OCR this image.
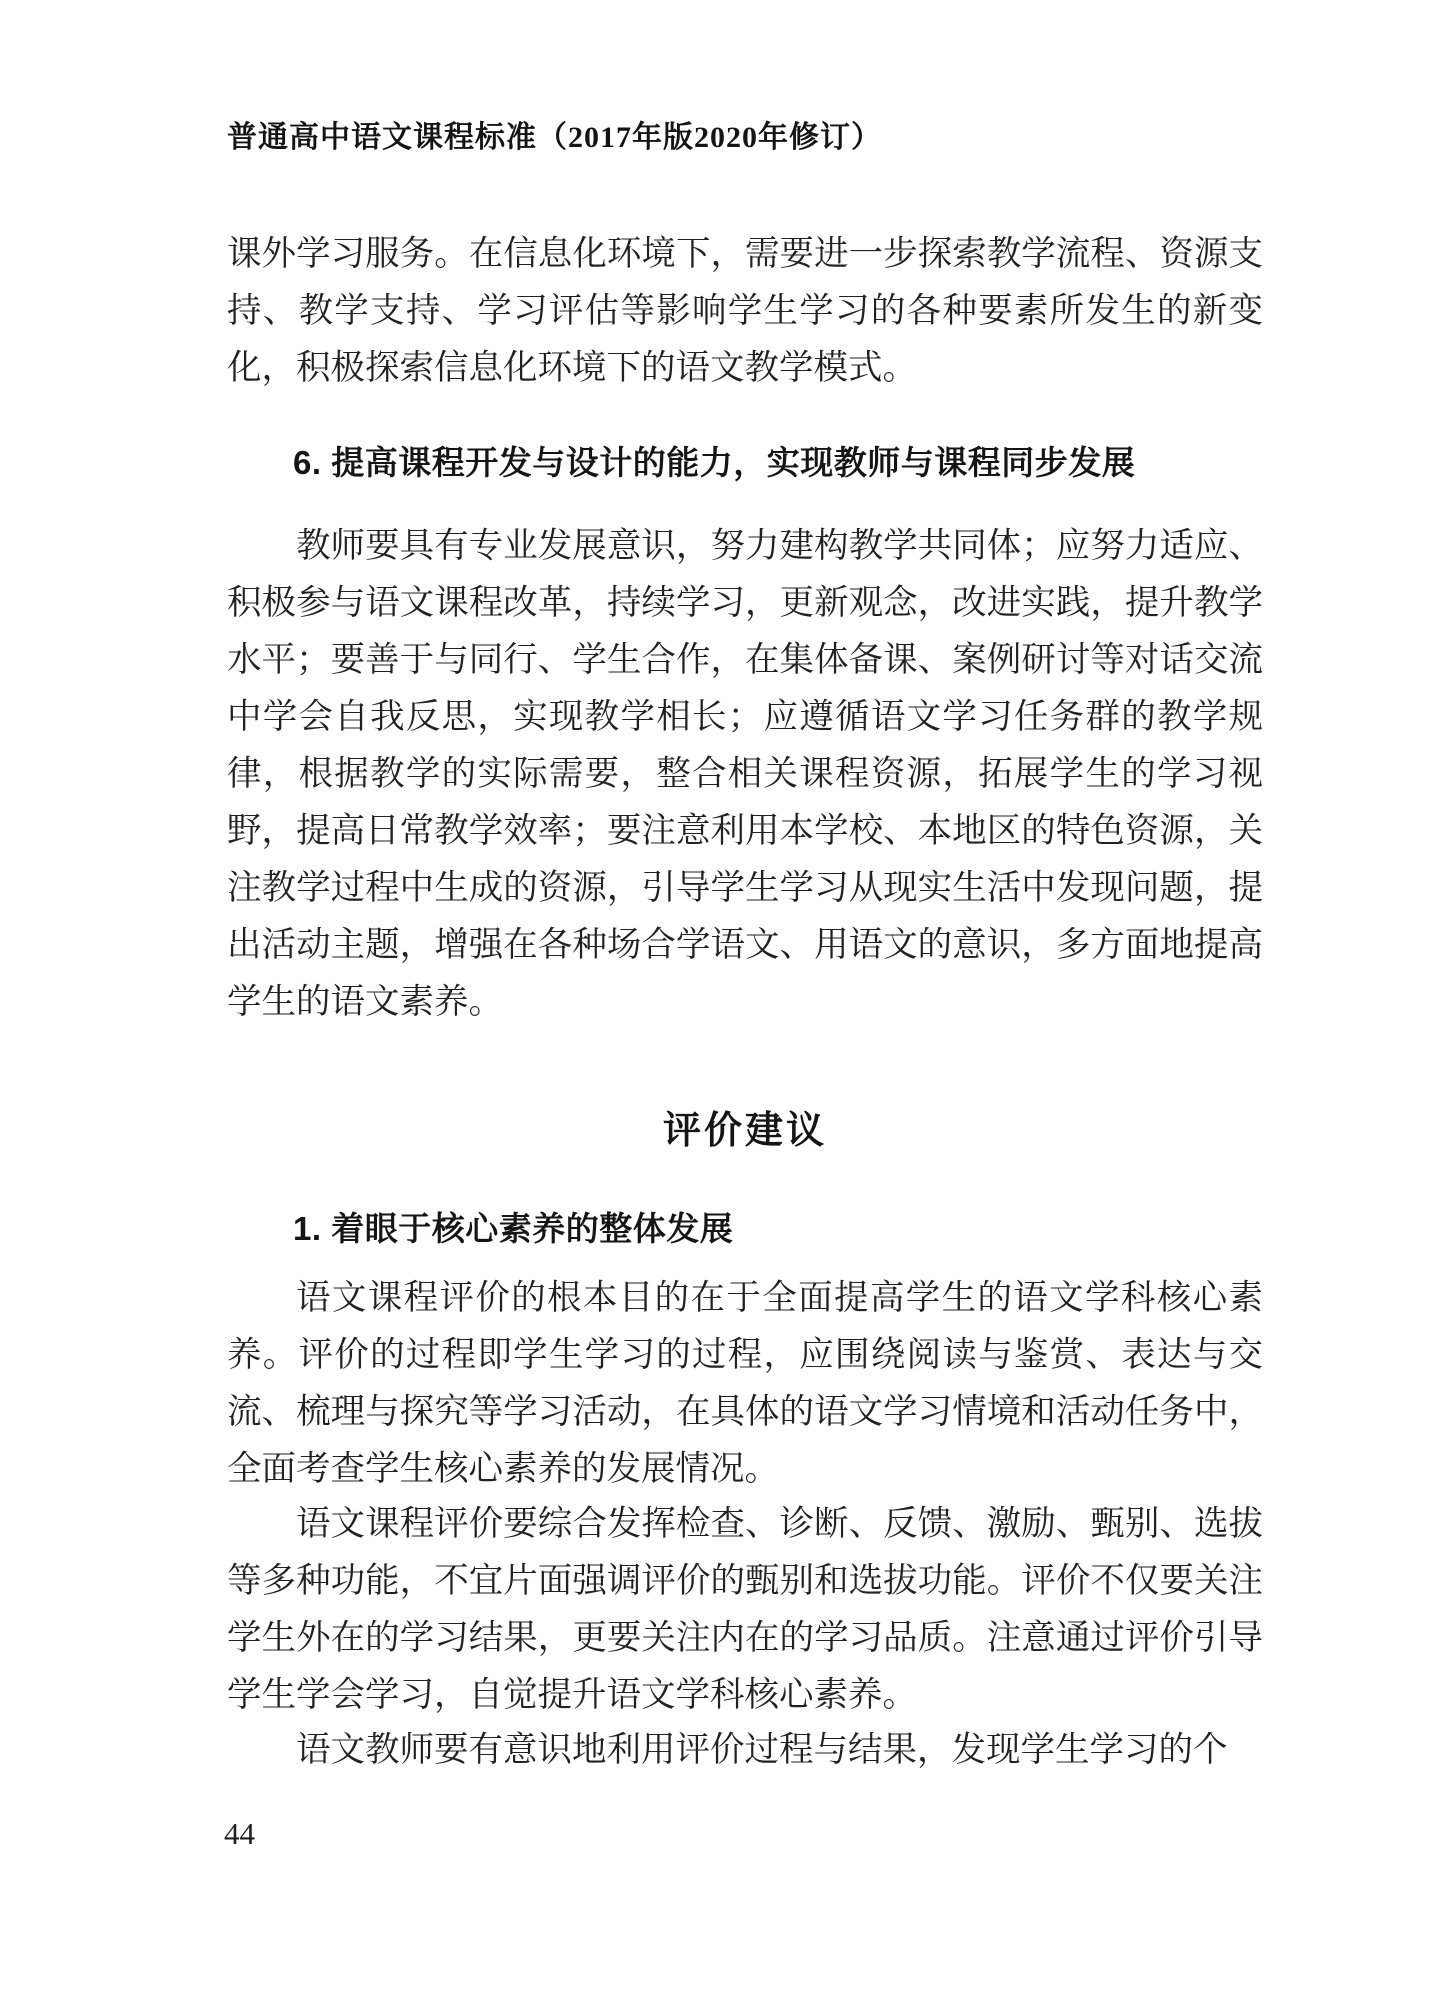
普通高中语文课程标准（2017年版2020年修订）

课外学习服务。在信息化环境下，需要进一步探索教学流程、资源支持、教学支持、学习评估等影响学生学习的各种要素所发生的新变化，积极探索信息化环境下的语文教学模式。

6. 提高课程开发与设计的能力，实现教师与课程同步发展

教师要具有专业发展意识，努力建构教学共同体；应努力适应、积极参与语文课程改革，持续学习，更新观念，改进实践，提升教学水平；要善于与同行、学生合作，在集体备课、案例研讨等对话交流中学会自我反思，实现教学相长；应遵循语文学习任务群的教学规律，根据教学的实际需要，整合相关课程资源，拓展学生的学习视野，提高日常教学效率；要注意利用本学校、本地区的特色资源，关注教学过程中生成的资源，引导学生学习从现实生活中发现问题，提出活动主题，增强在各种场合学语文、用语文的意识，多方面地提高学生的语文素养。

评价建议
1. 着眼于核心素养的整体发展

语文课程评价的根本目的在于全面提高学生的语文学科核心素养。评价的过程即学生学习的过程，应围绕阅读与鉴赏、表达与交流、梳理与探究等学习活动，在具体的语文学习情境和活动任务中，全面考查学生核心素养的发展情况。

语文课程评价要综合发挥检查、诊断、反馈、激励、甄别、选拔等多种功能，不宜片面强调评价的甄别和选拔功能。评价不仅要关注学生外在的学习结果，更要关注内在的学习品质。注意通过评价引导学生学会学习，自觉提升语文学科核心素养。

语文教师要有意识地利用评价过程与结果，发现学生学习的个

44
